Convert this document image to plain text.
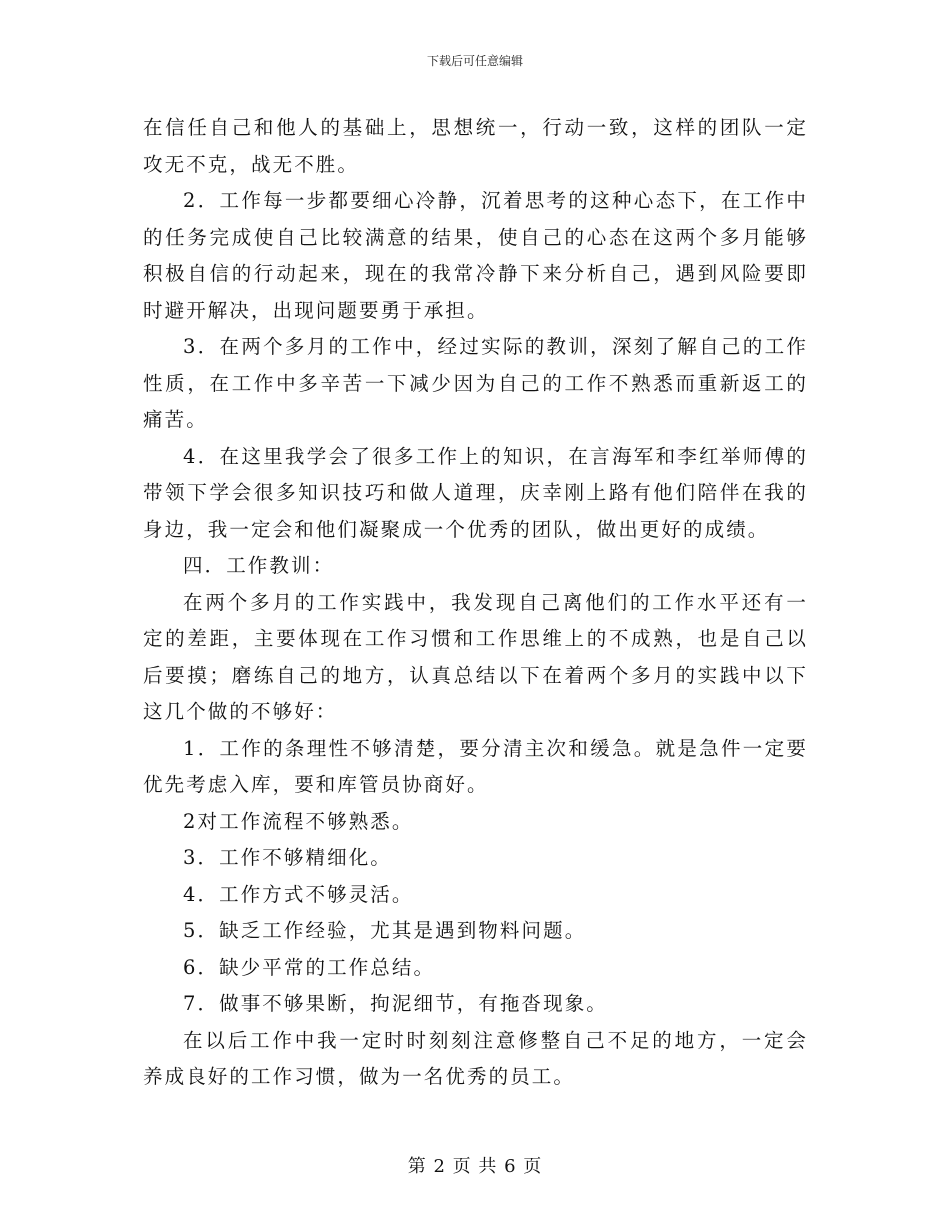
下载后可任意编辑

在信任自己和他人的基础上，思想统一，行动一致，这样的团队一定攻无不克，战无不胜。

2．工作每一步都要细心冷静，沉着思考的这种心态下，在工作中的任务完成使自己比较满意的结果，使自己的心态在这两个多月能够积极自信的行动起来，现在的我常冷静下来分析自己，遇到风险要即时避开解决，出现问题要勇于承担。

3．在两个多月的工作中，经过实际的教训，深刻了解自己的工作性质，在工作中多辛苦一下减少因为自己的工作不熟悉而重新返工的痛苦。

4．在这里我学会了很多工作上的知识，在言海军和李红举师傅的带领下学会很多知识技巧和做人道理，庆幸刚上路有他们陪伴在我的身边，我一定会和他们凝聚成一个优秀的团队，做出更好的成绩。

四．工作教训：

在两个多月的工作实践中，我发现自己离他们的工作水平还有一定的差距，主要体现在工作习惯和工作思维上的不成熟，也是自己以后要摸；磨练自己的地方，认真总结以下在着两个多月的实践中以下这几个做的不够好：

1．工作的条理性不够清楚，要分清主次和缓急。就是急件一定要优先考虑入库，要和库管员协商好。

2对工作流程不够熟悉。

3．工作不够精细化。

4．工作方式不够灵活。

5．缺乏工作经验，尤其是遇到物料问题。

6．缺少平常的工作总结。

7．做事不够果断，拘泥细节，有拖沓现象。

在以后工作中我一定时时刻刻注意修整自己不足的地方，一定会养成良好的工作习惯，做为一名优秀的员工。

第 2 页 共 6 页
